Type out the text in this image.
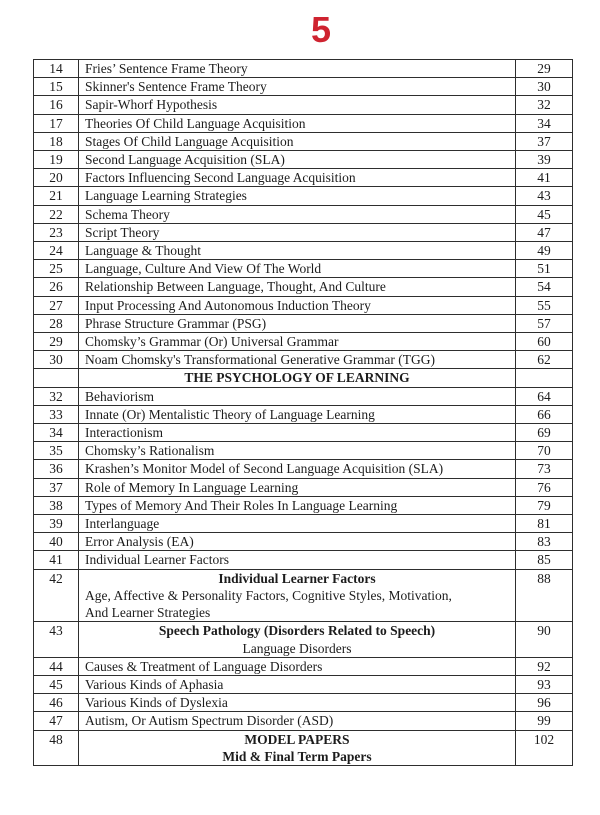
5
14	Fries’ Sentence Frame Theory	29
15	Skinner's Sentence Frame Theory	30
16	Sapir-Whorf Hypothesis	32
17	Theories Of Child Language Acquisition	34
18	Stages Of Child Language Acquisition	37
19	Second Language Acquisition (SLA)	39
20	Factors Influencing Second Language Acquisition	41
21	Language Learning Strategies	43
22	Schema Theory	45
23	Script Theory	47
24	Language & Thought	49
25	Language, Culture And View Of The World	51
26	Relationship Between Language, Thought, And Culture	54
27	Input Processing And Autonomous Induction Theory	55
28	Phrase Structure Grammar (PSG)	57
29	Chomsky’s Grammar (Or) Universal Grammar	60
30	Noam Chomsky's Transformational Generative Grammar (TGG)	62

	THE PSYCHOLOGY OF LEARNING	

32	Behaviorism	64
33	Innate (Or) Mentalistic Theory of Language Learning	66
34	Interactionism	69
35	Chomsky’s Rationalism	70
36	Krashen’s Monitor Model of Second Language Acquisition (SLA)	73
37	Role of Memory In Language Learning	76
38	Types of Memory And Their Roles In Language Learning	79
39	Interlanguage	81
40	Error Analysis (EA)	83
41	Individual Learner Factors	85
42	Individual Learner Factors
Age, Affective & Personality Factors, Cognitive Styles, Motivation,
And Learner Strategies	88
43	Speech Pathology (Disorders Related to Speech)
Language Disorders	90
44	Causes & Treatment of Language Disorders	92
45	Various Kinds of Aphasia	93
46	Various Kinds of Dyslexia	96
47	Autism, Or Autism Spectrum Disorder (ASD)	99
48	MODEL PAPERS
Mid & Final Term Papers	102
